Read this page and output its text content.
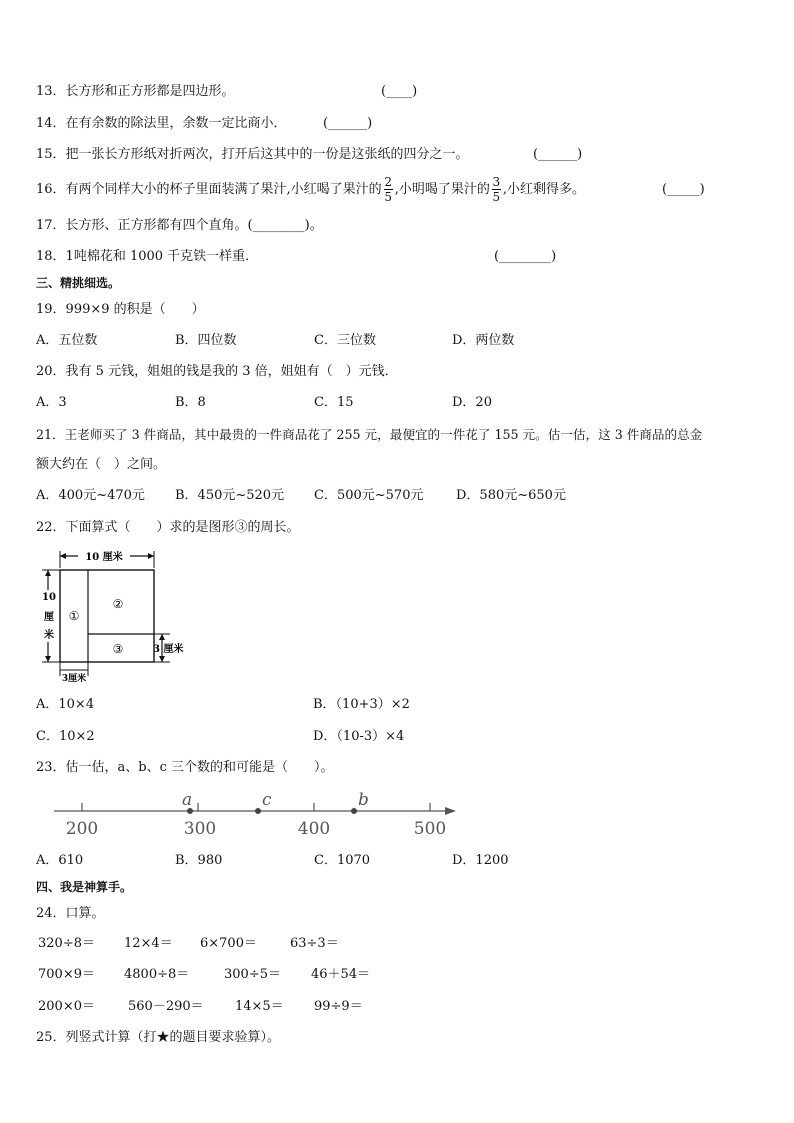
13．长方形和正方形都是四边形。	(____)
14．在有余数的除法里，余数一定比商小．	(______)
15．把一张长方形纸对折两次，打开后这其中的一份是这张纸的四分之一。	(______)
16．有两个同样大小的杯子里面装满了果汁,小红喝了果汁的 $\frac{2}{5}$ ,小明喝了果汁的 $\frac{3}{5}$ ,小红剩得多。	(_____)
17．长方形、正方形都有四个直角。(________)。
18．1吨棉花和 1000 千克铁一样重．	(________)
三、精挑细选。
19．999×9 的积是（　　）
A．五位数	B．四位数	C．三位数	D．两位数
20．我有 5 元钱，姐姐的钱是我的 3 倍，姐姐有（　）元钱．
A．3	B．8	C．15	D．20
21．王老师买了 3 件商品，其中最贵的一件商品花了 255 元，最便宜的一件花了 155 元。估一估，这 3 件商品的总金
额大约在（　）之间。
A．400元~470元 B．450元~520元 C．500元~570元	D．580元~650元
22．下面算式（　　）求的是图形③的周长。
10 厘米
10
厘
米
①
②
③	3 厘米
3厘米
A．10×4	B．（10+3）×2
C．10×2	D．（10-3）×4
23．估一估，a、b、c 三个数的和可能是（　　）。
200	300	400	500
a	c	b
A．610	B．980	C．1070	D．1200
四、我是神算手。
24．口算。
320÷8＝ 12×4＝ 6×700＝	63÷3＝
700×9＝ 4800÷8＝	300÷5＝ 46＋54＝
200×0＝	560－290＝ 14×5＝ 99÷9＝
25．列竖式计算（打★的题目要求验算）。
